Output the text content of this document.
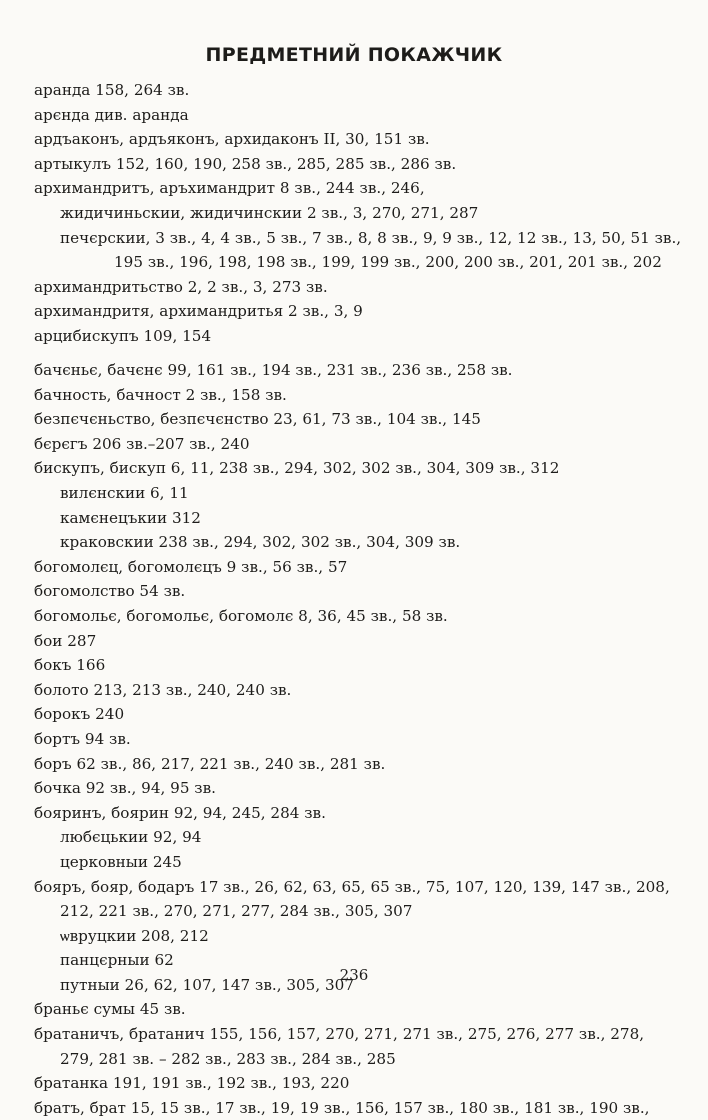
ПРЕДМЕТНИЙ ПОКАЖЧИК
аранда 158, 264 зв.
арєнда див. аранда
ардъаконъ, ардъяконъ, архидаконъ II, 30, 151 зв.
артыкулъ 152, 160, 190, 258 зв., 285, 285 зв., 286 зв.
архимандритъ, аръхимандрит 8 зв., 244 зв., 246,
жидичиньскии, жидичинскии 2 зв., 3, 270, 271, 287
печєрскии, 3 зв., 4, 4 зв., 5 зв., 7 зв., 8, 8 зв., 9, 9 зв., 12, 12 зв., 13, 50, 51 зв.,
195 зв., 196, 198, 198 зв., 199, 199 зв., 200, 200 зв., 201, 201 зв., 202
архимандритьство 2, 2 зв., 3, 273 зв.
архимандритя, архимандритья 2 зв., 3, 9
арцибискупъ 109, 154
бачєньє, бачєнє 99, 161 зв., 194 зв., 231 зв., 236 зв., 258 зв.
бачность, бачност 2 зв., 158 зв.
безпєчєньство, безпєчєнство 23, 61, 73 зв., 104 зв., 145
бєрєгъ 206 зв.–207 зв., 240
бискупъ, бискуп 6, 11, 238 зв., 294, 302, 302 зв., 304, 309 зв., 312
вилєнскии 6, 11
камєнецъкии 312
краковскии 238 зв., 294, 302, 302 зв., 304, 309 зв.
богомолєц, богомолєцъ 9 зв., 56 зв., 57
богомолство 54 зв.
богомольє, богомольє, богомолє 8, 36, 45 зв., 58 зв.
бои 287
бокъ 166
болото 213, 213 зв., 240, 240 зв.
борокъ 240
бортъ 94 зв.
боръ 62 зв., 86, 217, 221 зв., 240 зв., 281 зв.
бочка 92 зв., 94, 95 зв.
бояринъ, боярин 92, 94, 245, 284 зв.
любєцькии 92, 94
церковныи 245
бояръ, бояр, бодаръ 17 зв., 26, 62, 63, 65, 65 зв., 75, 107, 120, 139, 147 зв., 208,
212, 221 зв., 270, 271, 277, 284 зв., 305, 307
ѡвруцкии 208, 212
панцєрныи 62
путныи 26, 62, 107, 147 зв., 305, 307
браньє сумы 45 зв.
братаничъ, братанич 155, 156, 157, 270, 271, 271 зв., 275, 276, 277 зв., 278,
279, 281 зв. – 282 зв., 283 зв., 284 зв., 285
братанка 191, 191 зв., 192 зв., 193, 220
братъ, брат 15, 15 зв., 17 зв., 19, 19 зв., 156, 157 зв., 180 зв., 181 зв., 190 зв.,
236
